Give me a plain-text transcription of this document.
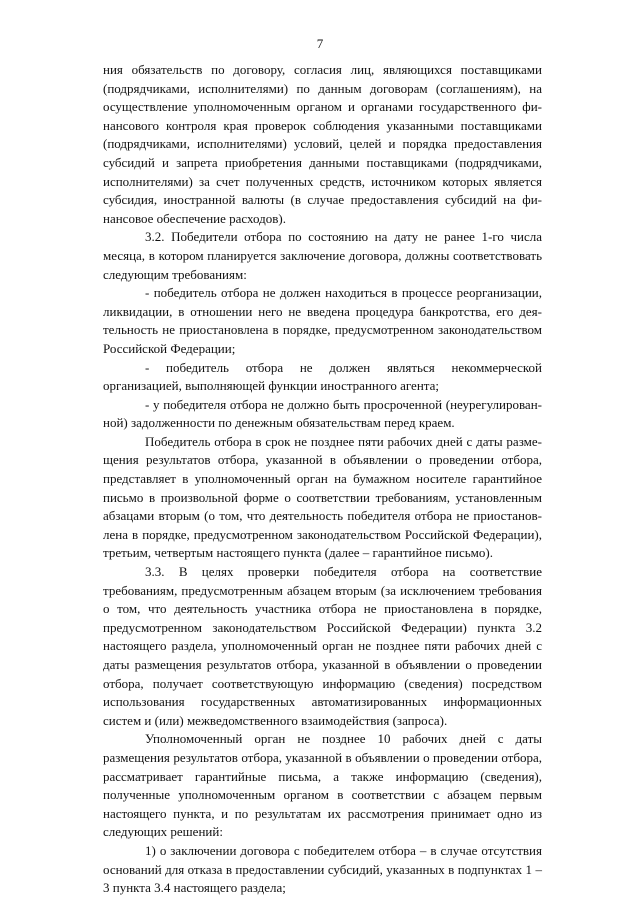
7

ния обязательств по договору, согласия лиц, являющихся поставщиками (подрядчиками, исполнителями) по данным договорам (соглашениям), на осуществление уполномоченным органом и органами государственного финансового контроля края проверок соблюдения указанными поставщиками (подрядчиками, исполнителями) условий, целей и порядка предоставления субсидий и запрета приобретения данными поставщиками (подрядчиками, исполнителями) за счет полученных средств, источником которых является субсидия, иностранной валюты (в случае предоставления субсидий на финансовое обеспечение расходов).

3.2. Победители отбора по состоянию на дату не ранее 1-го числа месяца, в котором планируется заключение договора, должны соответствовать следующим требованиям:

- победитель отбора не должен находиться в процессе реорганизации, ликвидации, в отношении него не введена процедура банкротства, его деятельность не приостановлена в порядке, предусмотренном законодательством Российской Федерации;

- победитель отбора не должен являться некоммерческой организацией, выполняющей функции иностранного агента;

- у победителя отбора не должно быть просроченной (неурегулированной) задолженности по денежным обязательствам перед краем.

Победитель отбора в срок не позднее пяти рабочих дней с даты размещения результатов отбора, указанной в объявлении о проведении отбора, представляет в уполномоченный орган на бумажном носителе гарантийное письмо в произвольной форме о соответствии требованиям, установленным абзацами вторым (о том, что деятельность победителя отбора не приостановлена в порядке, предусмотренном законодательством Российской Федерации), третьим, четвертым настоящего пункта (далее – гарантийное письмо).

3.3. В целях проверки победителя отбора на соответствие требованиям, предусмотренным абзацем вторым (за исключением требования о том, что деятельность участника отбора не приостановлена в порядке, предусмотренном законодательством Российской Федерации) пункта 3.2 настоящего раздела, уполномоченный орган не позднее пяти рабочих дней с даты размещения результатов отбора, указанной в объявлении о проведении отбора, получает соответствующую информацию (сведения) посредством использования государственных автоматизированных информационных систем и (или) межведомственного взаимодействия (запроса).

Уполномоченный орган не позднее 10 рабочих дней с даты размещения результатов отбора, указанной в объявлении о проведении отбора, рассматривает гарантийные письма, а также информацию (сведения), полученные уполномоченным органом в соответствии с абзацем первым настоящего пункта, и по результатам их рассмотрения принимает одно из следующих решений:

1) о заключении договора с победителем отбора – в случае отсутствия оснований для отказа в предоставлении субсидий, указанных в подпунктах 1 – 3 пункта 3.4 настоящего раздела;
